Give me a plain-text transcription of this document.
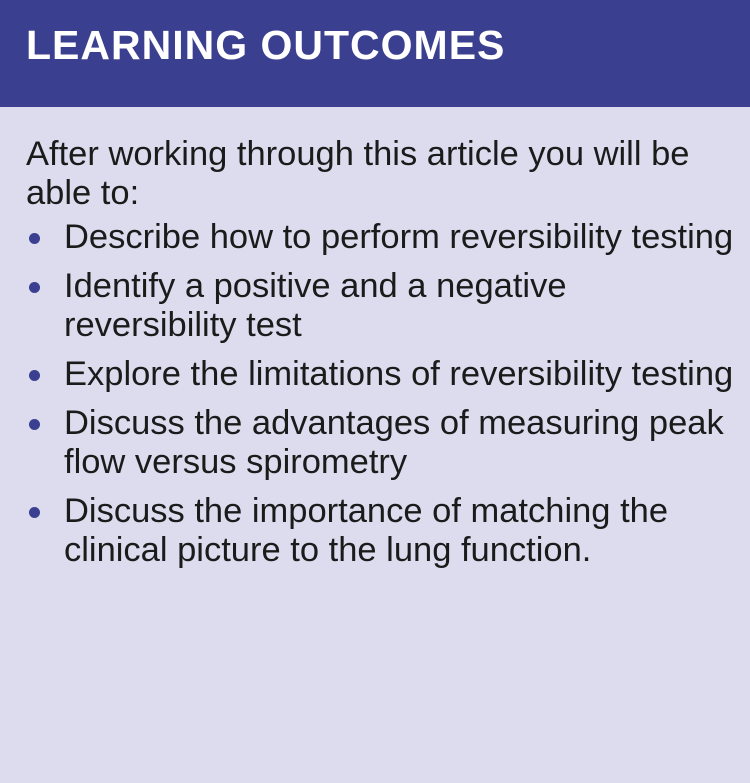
LEARNING OUTCOMES

After working through this article you will be able to:

Describe how to perform reversibility testing
Identify a positive and a negative reversibility test
Explore the limitations of reversibility testing
Discuss the advantages of measuring peak flow versus spirometry
Discuss the importance of matching the clinical picture to the lung function.
